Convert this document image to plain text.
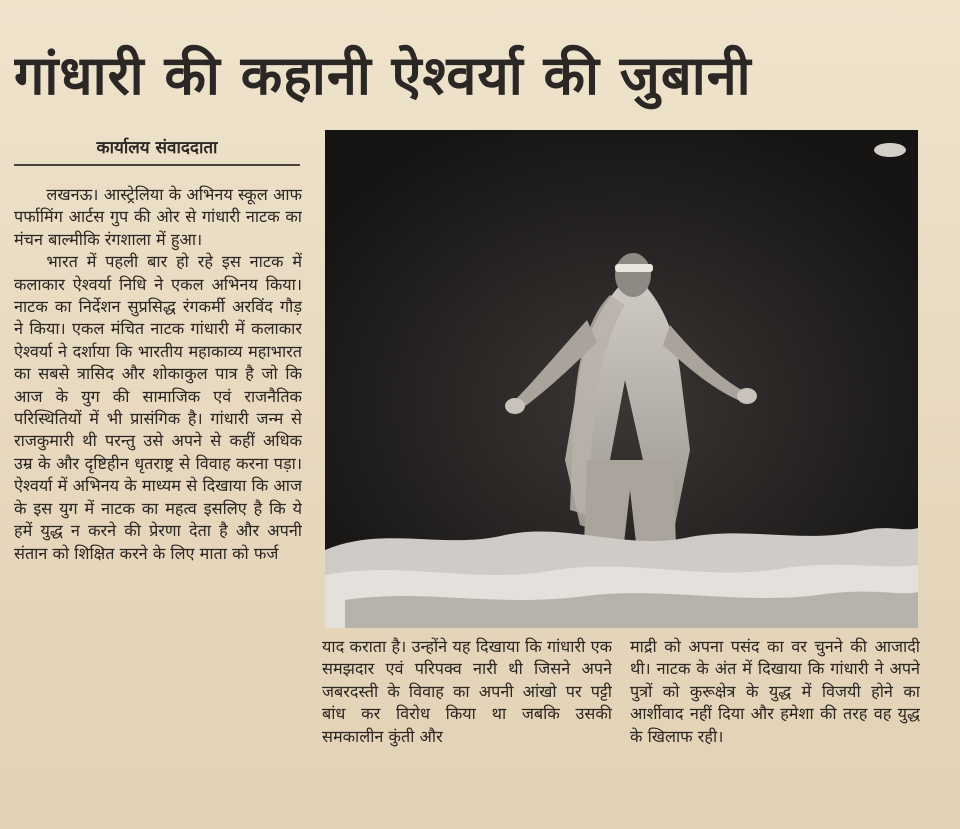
गांधारी की कहानी ऐश्वर्या की जुबानी
कार्यालय संवाददाता

लखनऊ। आस्ट्रेलिया के अभिनय स्कूल आफ पर्फामिंग आर्टस गुप की ओर से गांधारी नाटक का मंचन बाल्मीकि रंगशाला में हुआ।

भारत में पहली बार हो रहे इस नाटक में कलाकार ऐश्वर्या निधि ने एकल अभिनय किया। नाटक का निर्देशन सुप्रसिद्ध रंगकर्मी अरविंद गौड़ ने किया। एकल मंचित नाटक गांधारी में कलाकार ऐश्वर्या ने दर्शाया कि भारतीय महाकाव्य महाभारत का सबसे त्रासिद और शोकाकुल पात्र है जो कि आज के युग की सामाजिक एवं राजनैतिक परिस्थितियों में भी प्रासंगिक है। गांधारी जन्म से राजकुमारी थी परन्तु उसे अपने से कहीं अधिक उम्र के और दृष्टिहीन धृतराष्ट्र से विवाह करना पड़ा। ऐश्वर्या में अभिनय के माध्यम से दिखाया कि आज के इस युग में नाटक का महत्व इसलिए है कि ये हमें युद्ध न करने की प्रेरणा देता है और अपनी संतान को शिक्षित करने के लिए माता को फर्ज

याद कराता है। उन्होंने यह दिखाया कि गांधारी एक समझदार एवं परिपक्व नारी थी जिसने अपने जबरदस्ती के विवाह का अपनी आंखो पर पट्टी बांध कर विरोध किया था जबकि उसकी समकालीन कुंती और

माद्री को अपना पसंद का वर चुनने की आजादी थी। नाटक के अंत में दिखाया कि गांधारी ने अपने पुत्रों को कुरूक्षेत्र के युद्ध में विजयी होने का आर्शीवाद नहीं दिया और हमेशा की तरह वह युद्ध के खिलाफ रही।
